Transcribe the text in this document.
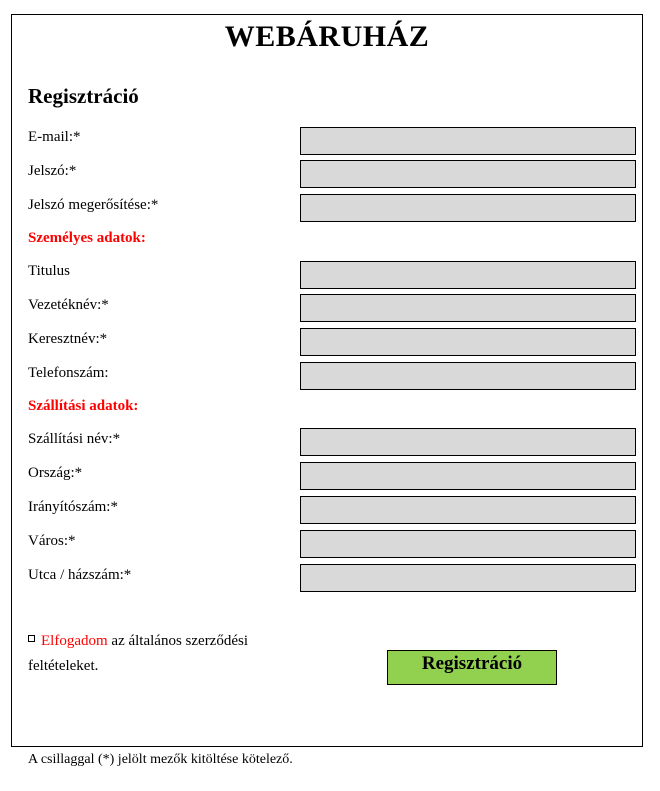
WEBÁRUHÁZ
Regisztráció
E-mail:*
Jelszó:*
Jelszó megerősítése:*
Személyes adatok:
Titulus
Vezetéknév:*
Keresztnév:*
Telefonszám:
Szállítási adatok:
Szállítási név:*
Ország:*
Irányítószám:*
Város:*
Utca / házszám:*
Elfogadom az általános szerződési feltételeket.	Regisztráció
A csillaggal (*) jelölt mezők kitöltése kötelező.
